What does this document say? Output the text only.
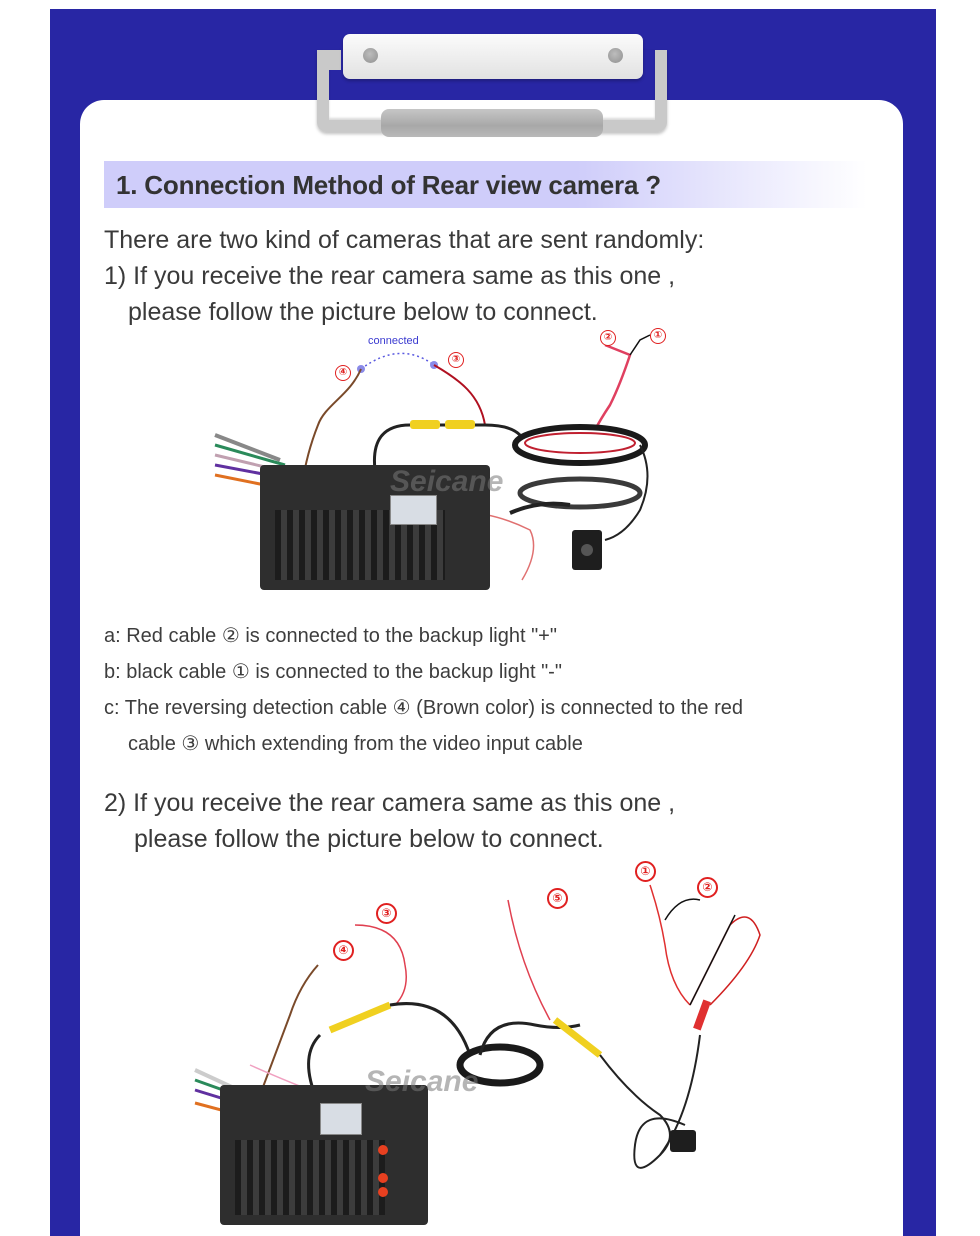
1. Connection Method of Rear view camera ?
There are two kind of cameras that are sent randomly:
1) If you receive the rear camera same as this one ,
please follow the picture below to connect.
connected
④
③
②	①
Seicane
a: Red cable ② is connected to the backup light "+"
b: black cable ① is connected to the backup light "-"
c: The reversing detection cable ④ (Brown color) is connected to the red
cable ③ which extending from the video input cable
2) If you receive the rear camera same as this one ,
please follow the picture below to connect.
③
④
⑤
①
②
Seicane
